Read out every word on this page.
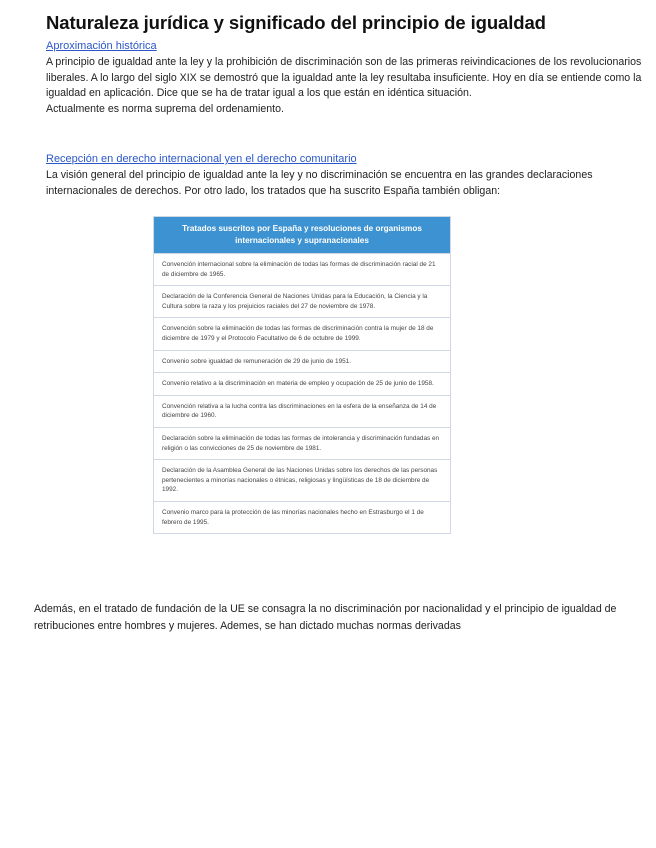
Naturaleza jurídica y significado del principio de igualdad
Aproximación histórica

A principio de igualdad ante la ley y la prohibición de discriminación son de las primeras reivindicaciones de los revolucionarios liberales. A lo largo del siglo XIX se demostró que la igualdad ante la ley resultaba insuficiente. Hoy en día se entiende como la igualdad en aplicación. Dice que se ha de tratar igual a los que están en idéntica situación.

Actualmente es norma suprema del ordenamiento.

Recepción en derecho internacional yen el derecho comunitario

La visión general del principio de igualdad ante la ley y no discriminación se encuentra en las grandes declaraciones internacionales de derechos. Por otro lado, los tratados que ha suscrito España también obligan:

Tratados suscritos por España y resoluciones de organismos internacionales y supranacionales
Convención internacional sobre la eliminación de todas las formas de discriminación racial de 21 de diciembre de 1965.
Declaración de la Conferencia General de Naciones Unidas para la Educación, la Ciencia y la Cultura sobre la raza y los prejuicios raciales del 27 de noviembre de 1978.
Convención sobre la eliminación de todas las formas de discriminación contra la mujer de 18 de diciembre de 1979 y el Protocolo Facultativo de 6 de octubre de 1999.
Convenio sobre igualdad de remuneración de 29 de junio de 1951.
Convenio relativo a la discriminación en materia de empleo y ocupación de 25 de junio de 1958.
Convención relativa a la lucha contra las discriminaciones en la esfera de la enseñanza de 14 de diciembre de 1960.
Declaración sobre la eliminación de todas las formas de intolerancia y discriminación fundadas en religión o las convicciones de 25 de noviembre de 1981.
Declaración de la Asamblea General de las Naciones Unidas sobre los derechos de las personas pertenecientes a minorías nacionales o étnicas, religiosas y lingüísticas de 18 de diciembre de 1992.
Convenio marco para la protección de las minorías nacionales hecho en Estrasburgo el 1 de febrero de 1995.
Además, en el tratado de fundación de la UE se consagra la no discriminación por nacionalidad y el principio de igualdad de retribuciones entre hombres y mujeres. Ademes, se han dictado muchas normas derivadas
